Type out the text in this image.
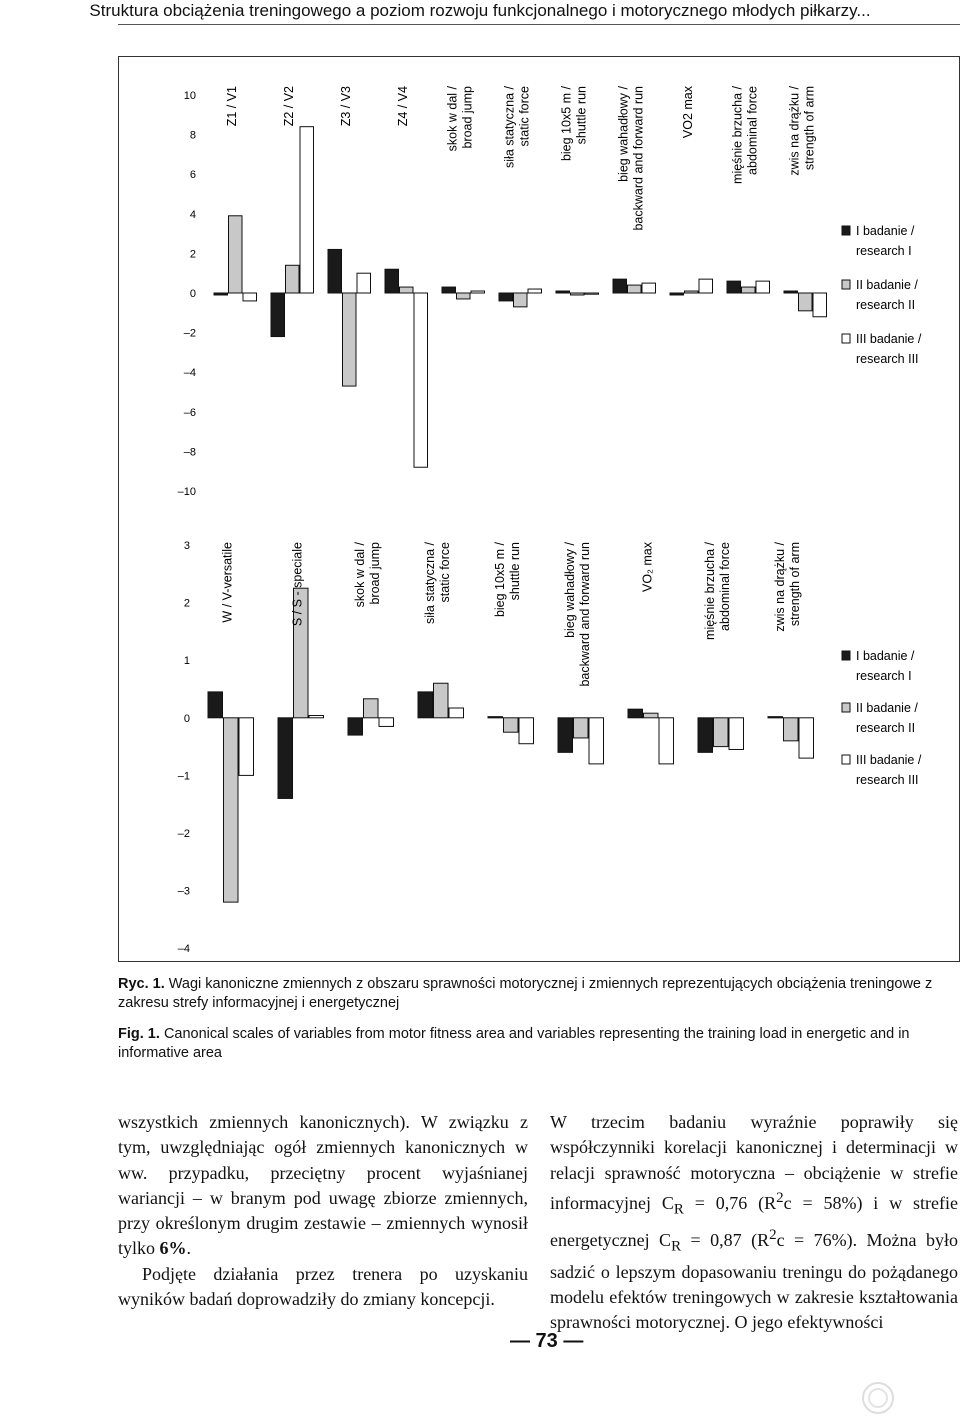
Struktura obciążenia treningowego a poziom rozwoju funkcjonalnego i motorycznego młodych piłkarzy...
10
8
6
4
2
0
–2
–4
–6
–8
–10
Z1 / V1	Z2 / V2	Z3 / V3	Z4 / V4	skok w dal / broad jump siła statyczna / static force bieg 10x5 m / shuttle run bieg wahadłowy / backward and forward run	VO2 max	mięśnie brzucha / abdominal force zwis na drążku / strength of arm
I badanie /
research I
II badanie /
research II
III badanie /
research III
3
2
1
0
–1
–2
–3
–4
W / V-versatile	S / S - speciale	skok w dal / broad jump	siła statyczna / static force	bieg 10x5 m / shuttle run	bieg wahadłowy / backward and forward run	VO₂ max	mięśnie brzucha / abdominal force	zwis na drążku / strength of arm
I badanie /
research I
II badanie /
research II
III badanie /
research III
Ryc. 1. Wagi kanoniczne zmiennych z obszaru sprawności motorycznej i zmiennych reprezentujących obciążenia treningowe z zakresu strefy informacyjnej i energetycznej
Fig. 1. Canonical scales of variables from motor fitness area and variables representing the training load in energetic and in informative area

wszystkich zmiennych kanonicznych). W związku z tym, uwzględniając ogół zmiennych kanonicznych w ww. przypadku, przeciętny procent wyjaśnianej wariancji – w branym pod uwagę zbiorze zmiennych, przy określonym drugim zestawie – zmiennych wynosił tylko 6%.

Podjęte działania przez trenera po uzyskaniu wyników badań doprowadziły do zmiany koncepcji.

W trzecim badaniu wyraźnie poprawiły się współczynniki korelacji kanonicznej i determinacji w relacji sprawność motoryczna – obciążenie w strefie informacyjnej $C_R = 0,76$ $(R^2c = 58\%)$ i w strefie energetycznej $C_R = 0,87$ $(R^2c = 76\%)$. Można było sadzić o lepszym dopasowaniu treningu do pożądanego modelu efektów treningowych w zakresie kształtowania sprawności motorycznej. O jego efektywności

— 73 —
